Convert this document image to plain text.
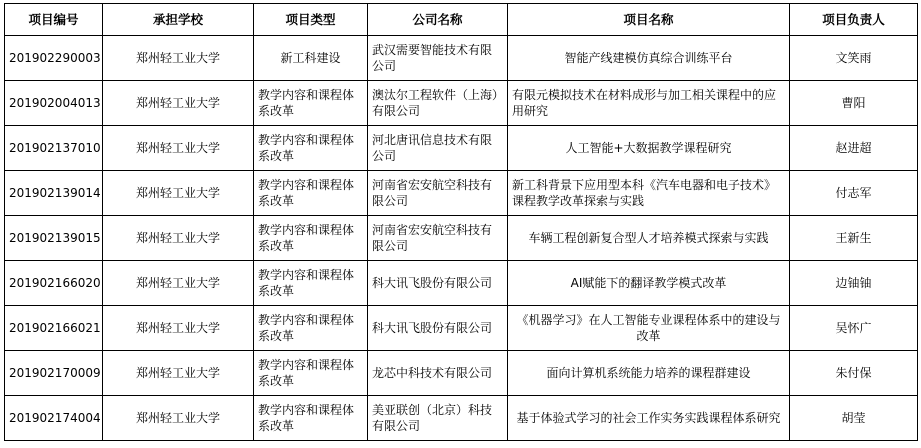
项目编号	承担学校	项目类型	公司名称	项目名称	项目负责人
201902290003	郑州轻工业大学	新工科建设	武汉需要智能技术有限公司	智能产线建模仿真综合训练平台	文笑雨
201902004013	郑州轻工业大学	教学内容和课程体系改革	澳汰尔工程软件（上海）有限公司	有限元模拟技术在材料成形与加工相关课程中的应用研究	曹阳
201902137010	郑州轻工业大学	教学内容和课程体系改革	河北唐讯信息技术有限公司	人工智能+大数据教学课程研究	赵进超
201902139014	郑州轻工业大学	教学内容和课程体系改革	河南省宏安航空科技有限公司	新工科背景下应用型本科《汽车电器和电子技术》课程教学改革探索与实践	付志军
201902139015	郑州轻工业大学	教学内容和课程体系改革	河南省宏安航空科技有限公司	车辆工程创新复合型人才培养模式探索与实践	王新生
201902166020	郑州轻工业大学	教学内容和课程体系改革	科大讯飞股份有限公司	AI赋能下的翻译教学模式改革	边铀铀
201902166021	郑州轻工业大学	教学内容和课程体系改革	科大讯飞股份有限公司	《机器学习》在人工智能专业课程体系中的建设与改革	吴怀广
201902170009	郑州轻工业大学	教学内容和课程体系改革	龙芯中科技术有限公司	面向计算机系统能力培养的课程群建设	朱付保
201902174004	郑州轻工业大学	教学内容和课程体系改革	美亚联创（北京）科技有限公司	基于体验式学习的社会工作实务实践课程体系研究	胡莹
